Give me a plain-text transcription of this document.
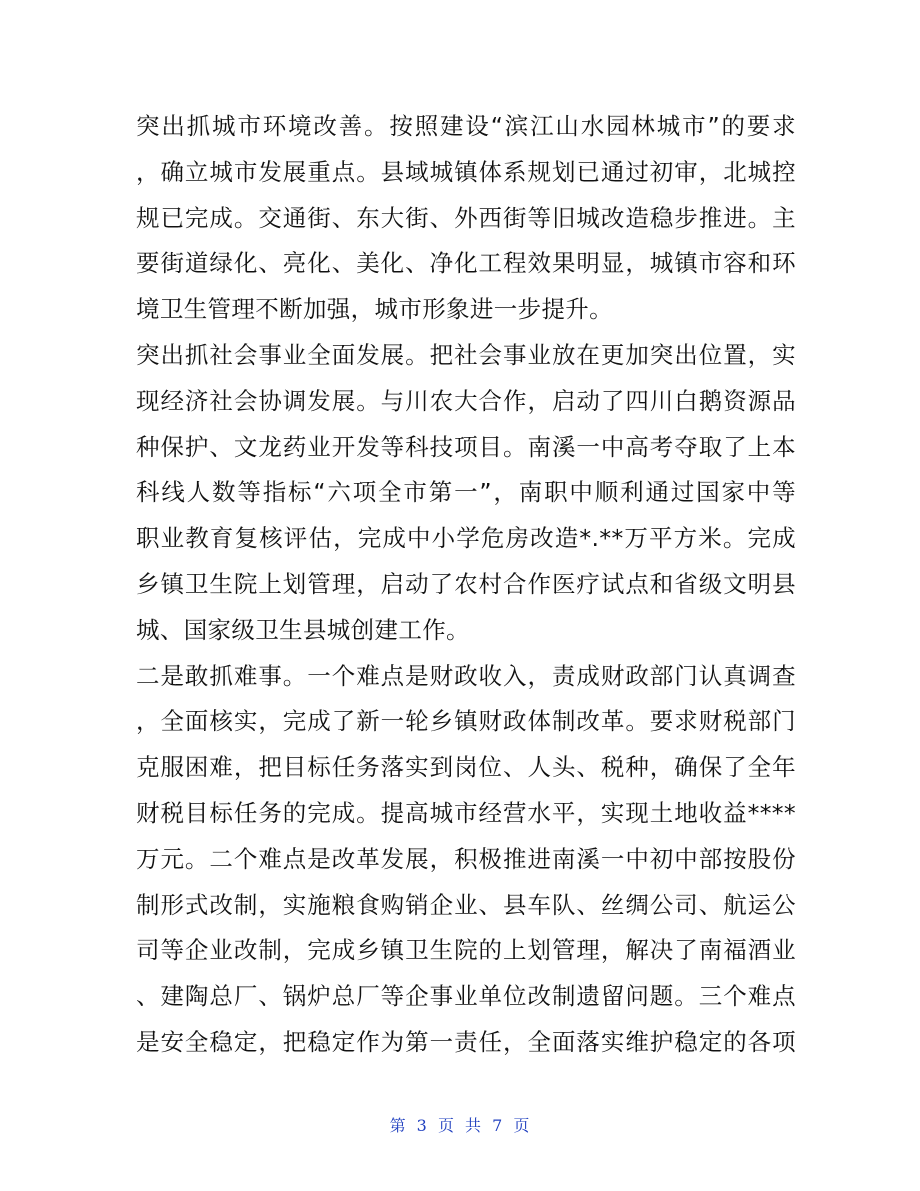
突出抓城市环境改善。按照建设“滨江山水园林城市”的要求
，确立城市发展重点。县域城镇体系规划已通过初审，北城控
规已完成。交通街、东大街、外西街等旧城改造稳步推进。主
要街道绿化、亮化、美化、净化工程效果明显，城镇市容和环
境卫生管理不断加强，城市形象进一步提升。
突出抓社会事业全面发展。把社会事业放在更加突出位置，实
现经济社会协调发展。与川农大合作，启动了四川白鹅资源品
种保护、文龙药业开发等科技项目。南溪一中高考夺取了上本
科线人数等指标“六项全市第一”，南职中顺利通过国家中等
职业教育复核评估，完成中小学危房改造*.**万平方米。完成
乡镇卫生院上划管理，启动了农村合作医疗试点和省级文明县
城、国家级卫生县城创建工作。
二是敢抓难事。一个难点是财政收入，责成财政部门认真调查
，全面核实，完成了新一轮乡镇财政体制改革。要求财税部门
克服困难，把目标任务落实到岗位、人头、税种，确保了全年
财税目标任务的完成。提高城市经营水平，实现土地收益****
万元。二个难点是改革发展，积极推进南溪一中初中部按股份
制形式改制，实施粮食购销企业、县车队、丝绸公司、航运公
司等企业改制，完成乡镇卫生院的上划管理，解决了南福酒业
、建陶总厂、锅炉总厂等企事业单位改制遗留问题。三个难点
是安全稳定，把稳定作为第一责任，全面落实维护稳定的各项
第 3 页 共 7 页
